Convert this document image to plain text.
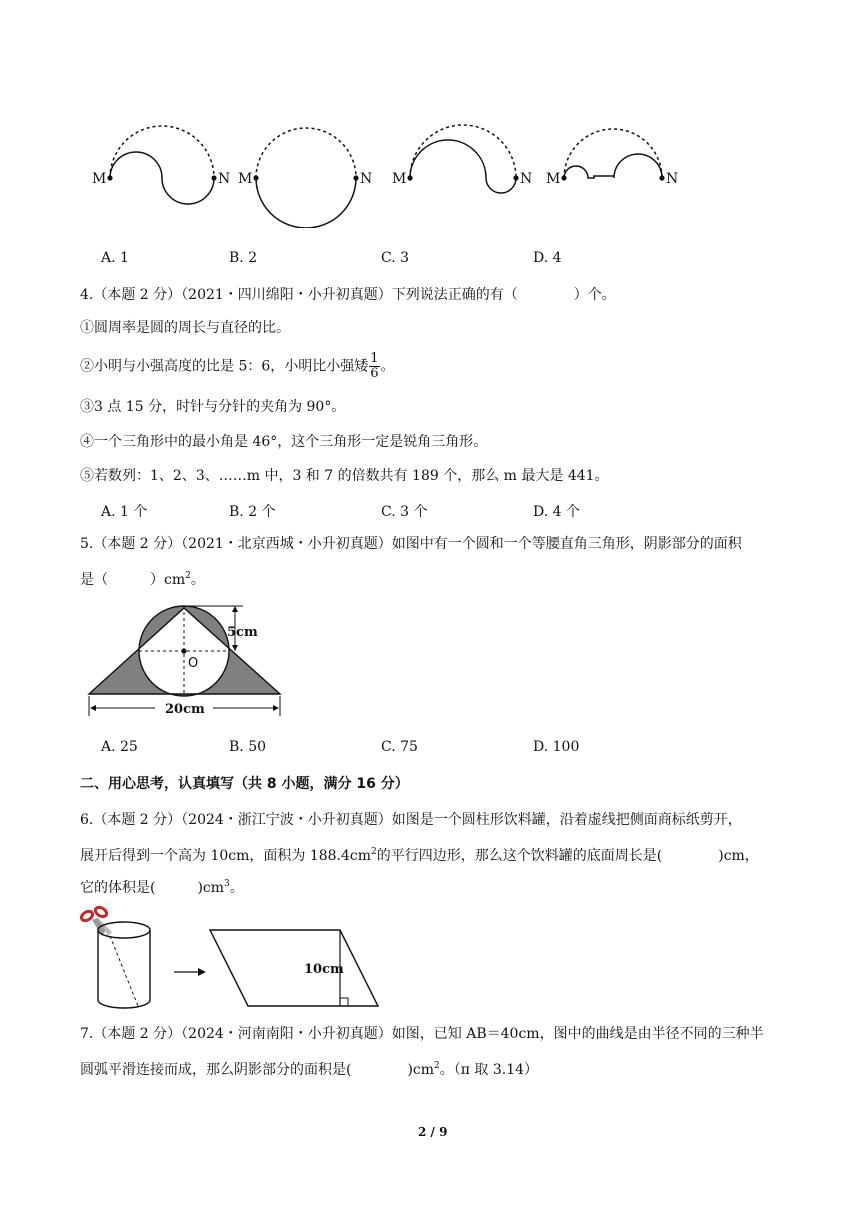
M	N M	N M	N M	N
A. 1	B. 2	C. 3	D. 4
4.（本题 2 分）（2021・四川绵阳・小升初真题）下列说法正确的有（　　　　）个。
①圆周率是圆的周长与直径的比。
②小明与小强高度的比是 5：6，小明比小强矮 $\frac{1}{6}$ 。
③3 点 15 分，时针与分针的夹角为 90°。
④一个三角形中的最小角是 46°，这个三角形一定是锐角三角形。
⑤若数列：1、2、3、……m 中，3 和 7 的倍数共有 189 个，那么 m 最大是 441。
A. 1 个	B. 2 个	C. 3 个	D. 4 个
5.（本题 2 分）（2021・北京西城・小升初真题）如图中有一个圆和一个等腰直角三角形，阴影部分的面积
是（　　　）$cm^2$。
5cm
O
20cm
A. 25	B. 50	C. 75	D. 100
二、用心思考，认真填写（共 8 小题，满分 16 分）
6.（本题 2 分）（2024・浙江宁波・小升初真题）如图是一个圆柱形饮料罐，沿着虚线把侧面商标纸剪开，
展开后得到一个高为 10cm，面积为 $188.4cm^2$的平行四边形，那么这个饮料罐的底面周长是(　　　　)cm，
它的体积是(　　　)$cm^3$。
10cm
7.（本题 2 分）（2024・河南南阳・小升初真题）如图，已知 AB＝40cm，图中的曲线是由半径不同的三种半
圆弧平滑连接而成，那么阴影部分的面积是(　　　　)$cm^2$。（π 取 3.14）
2 / 9
